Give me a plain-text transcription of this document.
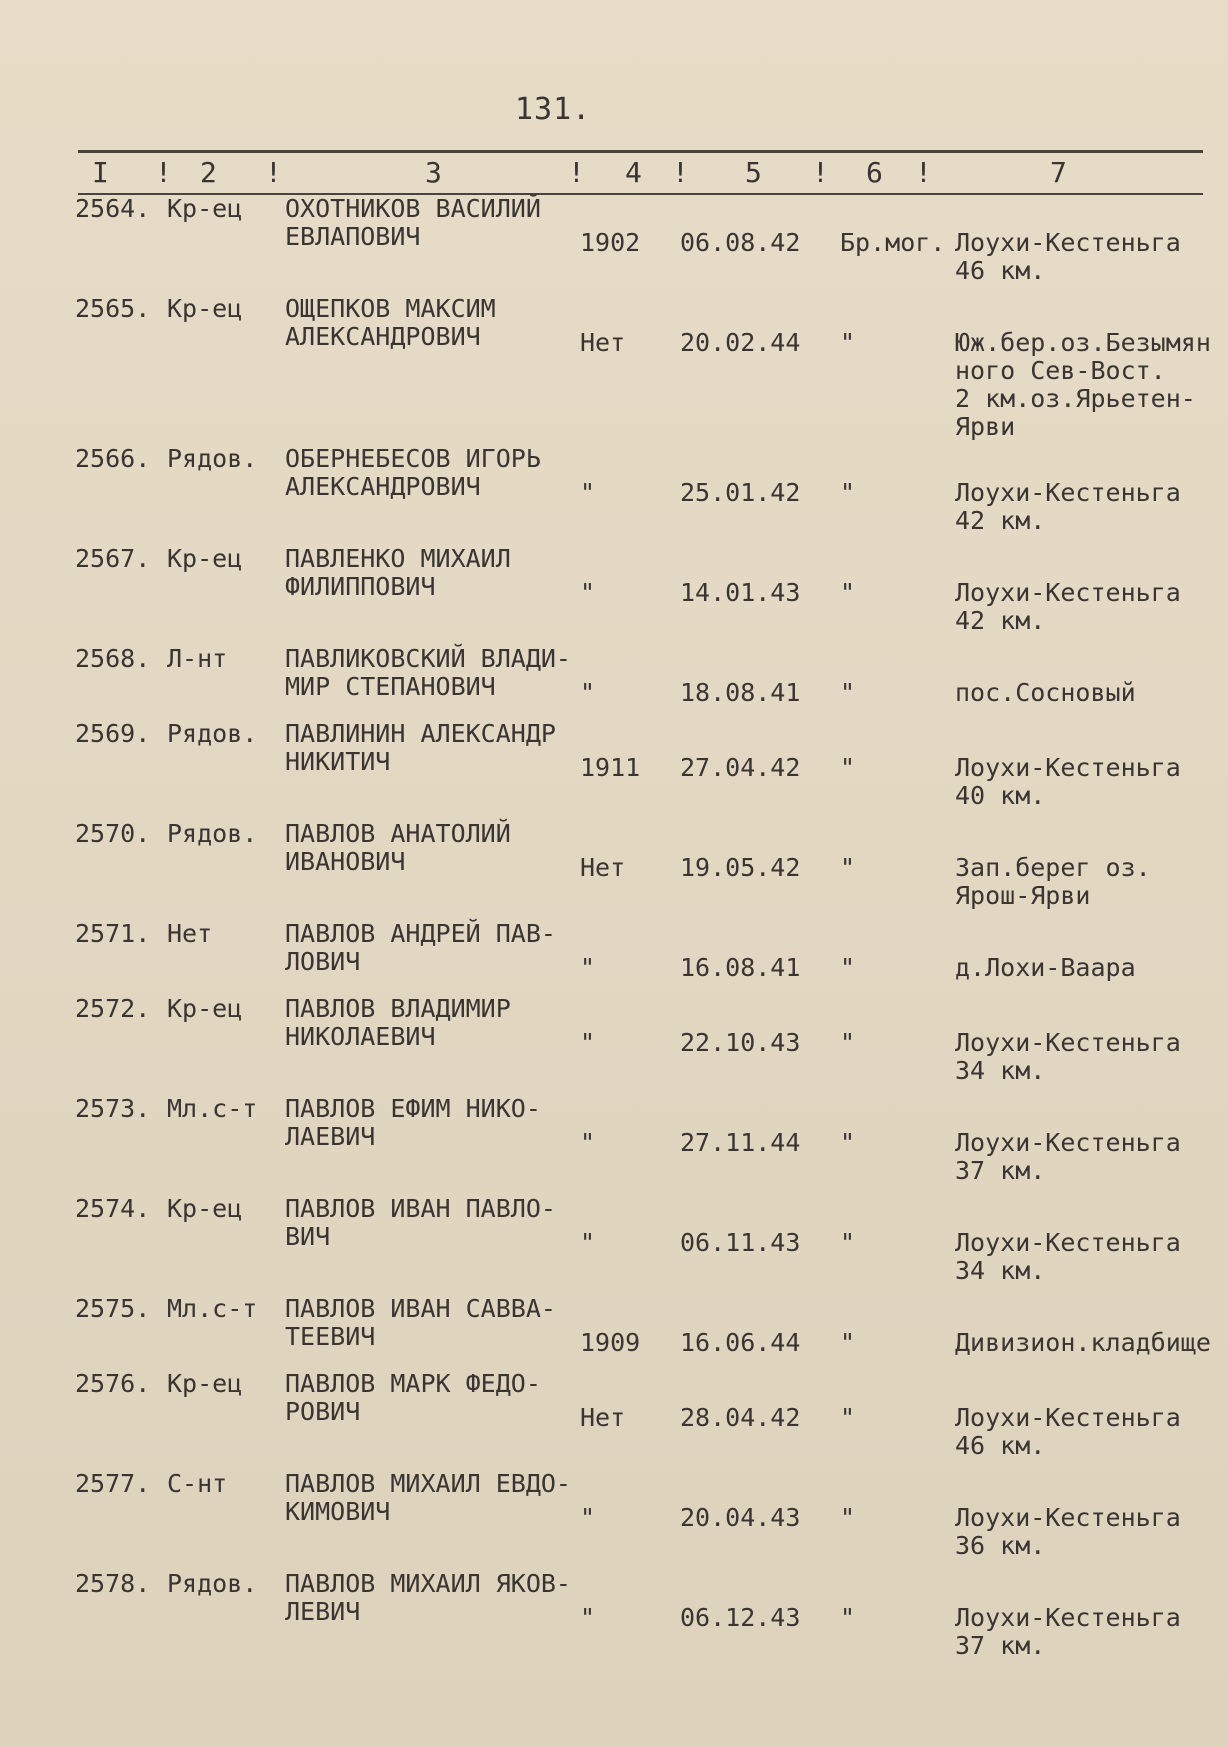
131.
I ! 2 !	3	! 4 ! 5 ! 6 !	7
2564. Кр-ец ОХОТНИКОВ ВАСИЛИЙ
ЕВЛАПОВИЧ	1902 06.08.42 Бр.мог. Лоухи-Кестеньга
46 км.
2565. Кр-ец ОЩЕПКОВ МАКСИМ
АЛЕКСАНДРОВИЧ	Нет 20.02.44 "	Юж.бер.оз.Безымян
ного Сев-Вост.
2 км.оз.Ярьетен-
Ярви
2566. Рядов. ОБЕРНЕБЕСОВ ИГОРЬ
АЛЕКСАНДРОВИЧ	"	25.01.42 "	Лоухи-Кестеньга
42 км.
2567. Кр-ец ПАВЛЕНКО МИХАИЛ
ФИЛИППОВИЧ	"	14.01.43 "	Лоухи-Кестеньга
42 км.
2568. Л-нт ПАВЛИКОВСКИЙ ВЛАДИ-
МИР СТЕПАНОВИЧ	"	18.08.41 "	пос.Сосновый
2569. Рядов. ПАВЛИНИН АЛЕКСАНДР
НИКИТИЧ	1911 27.04.42 "	Лоухи-Кестеньга
40 км.
2570. Рядов. ПАВЛОВ АНАТОЛИЙ
ИВАНОВИЧ	Нет 19.05.42 "	Зап.берег оз.
Ярош-Ярви
2571. Нет	ПАВЛОВ АНДРЕЙ ПАВ-
ЛОВИЧ	"	16.08.41 "	д.Лохи-Ваара
2572. Кр-ец ПАВЛОВ ВЛАДИМИР
НИКОЛАЕВИЧ	"	22.10.43 "	Лоухи-Кестеньга
34 км.
2573. Мл.с-т ПАВЛОВ ЕФИМ НИКО-
ЛАЕВИЧ	"	27.11.44 "	Лоухи-Кестеньга
37 км.
2574. Кр-ец ПАВЛОВ ИВАН ПАВЛО-
ВИЧ	"	06.11.43 "	Лоухи-Кестеньга
34 км.
2575. Мл.с-т ПАВЛОВ ИВАН САВВА-
ТЕЕВИЧ	1909 16.06.44 "	Дивизион.кладбище
2576. Кр-ец ПАВЛОВ МАРК ФЕДО-
РОВИЧ	Нет 28.04.42 "	Лоухи-Кестеньга
46 км.
2577. С-нт ПАВЛОВ МИХАИЛ ЕВДО-
КИМОВИЧ	"	20.04.43 "	Лоухи-Кестеньга
36 км.
2578. Рядов. ПАВЛОВ МИХАИЛ ЯКОВ-
ЛЕВИЧ	"	06.12.43 "	Лоухи-Кестеньга
37 км.
